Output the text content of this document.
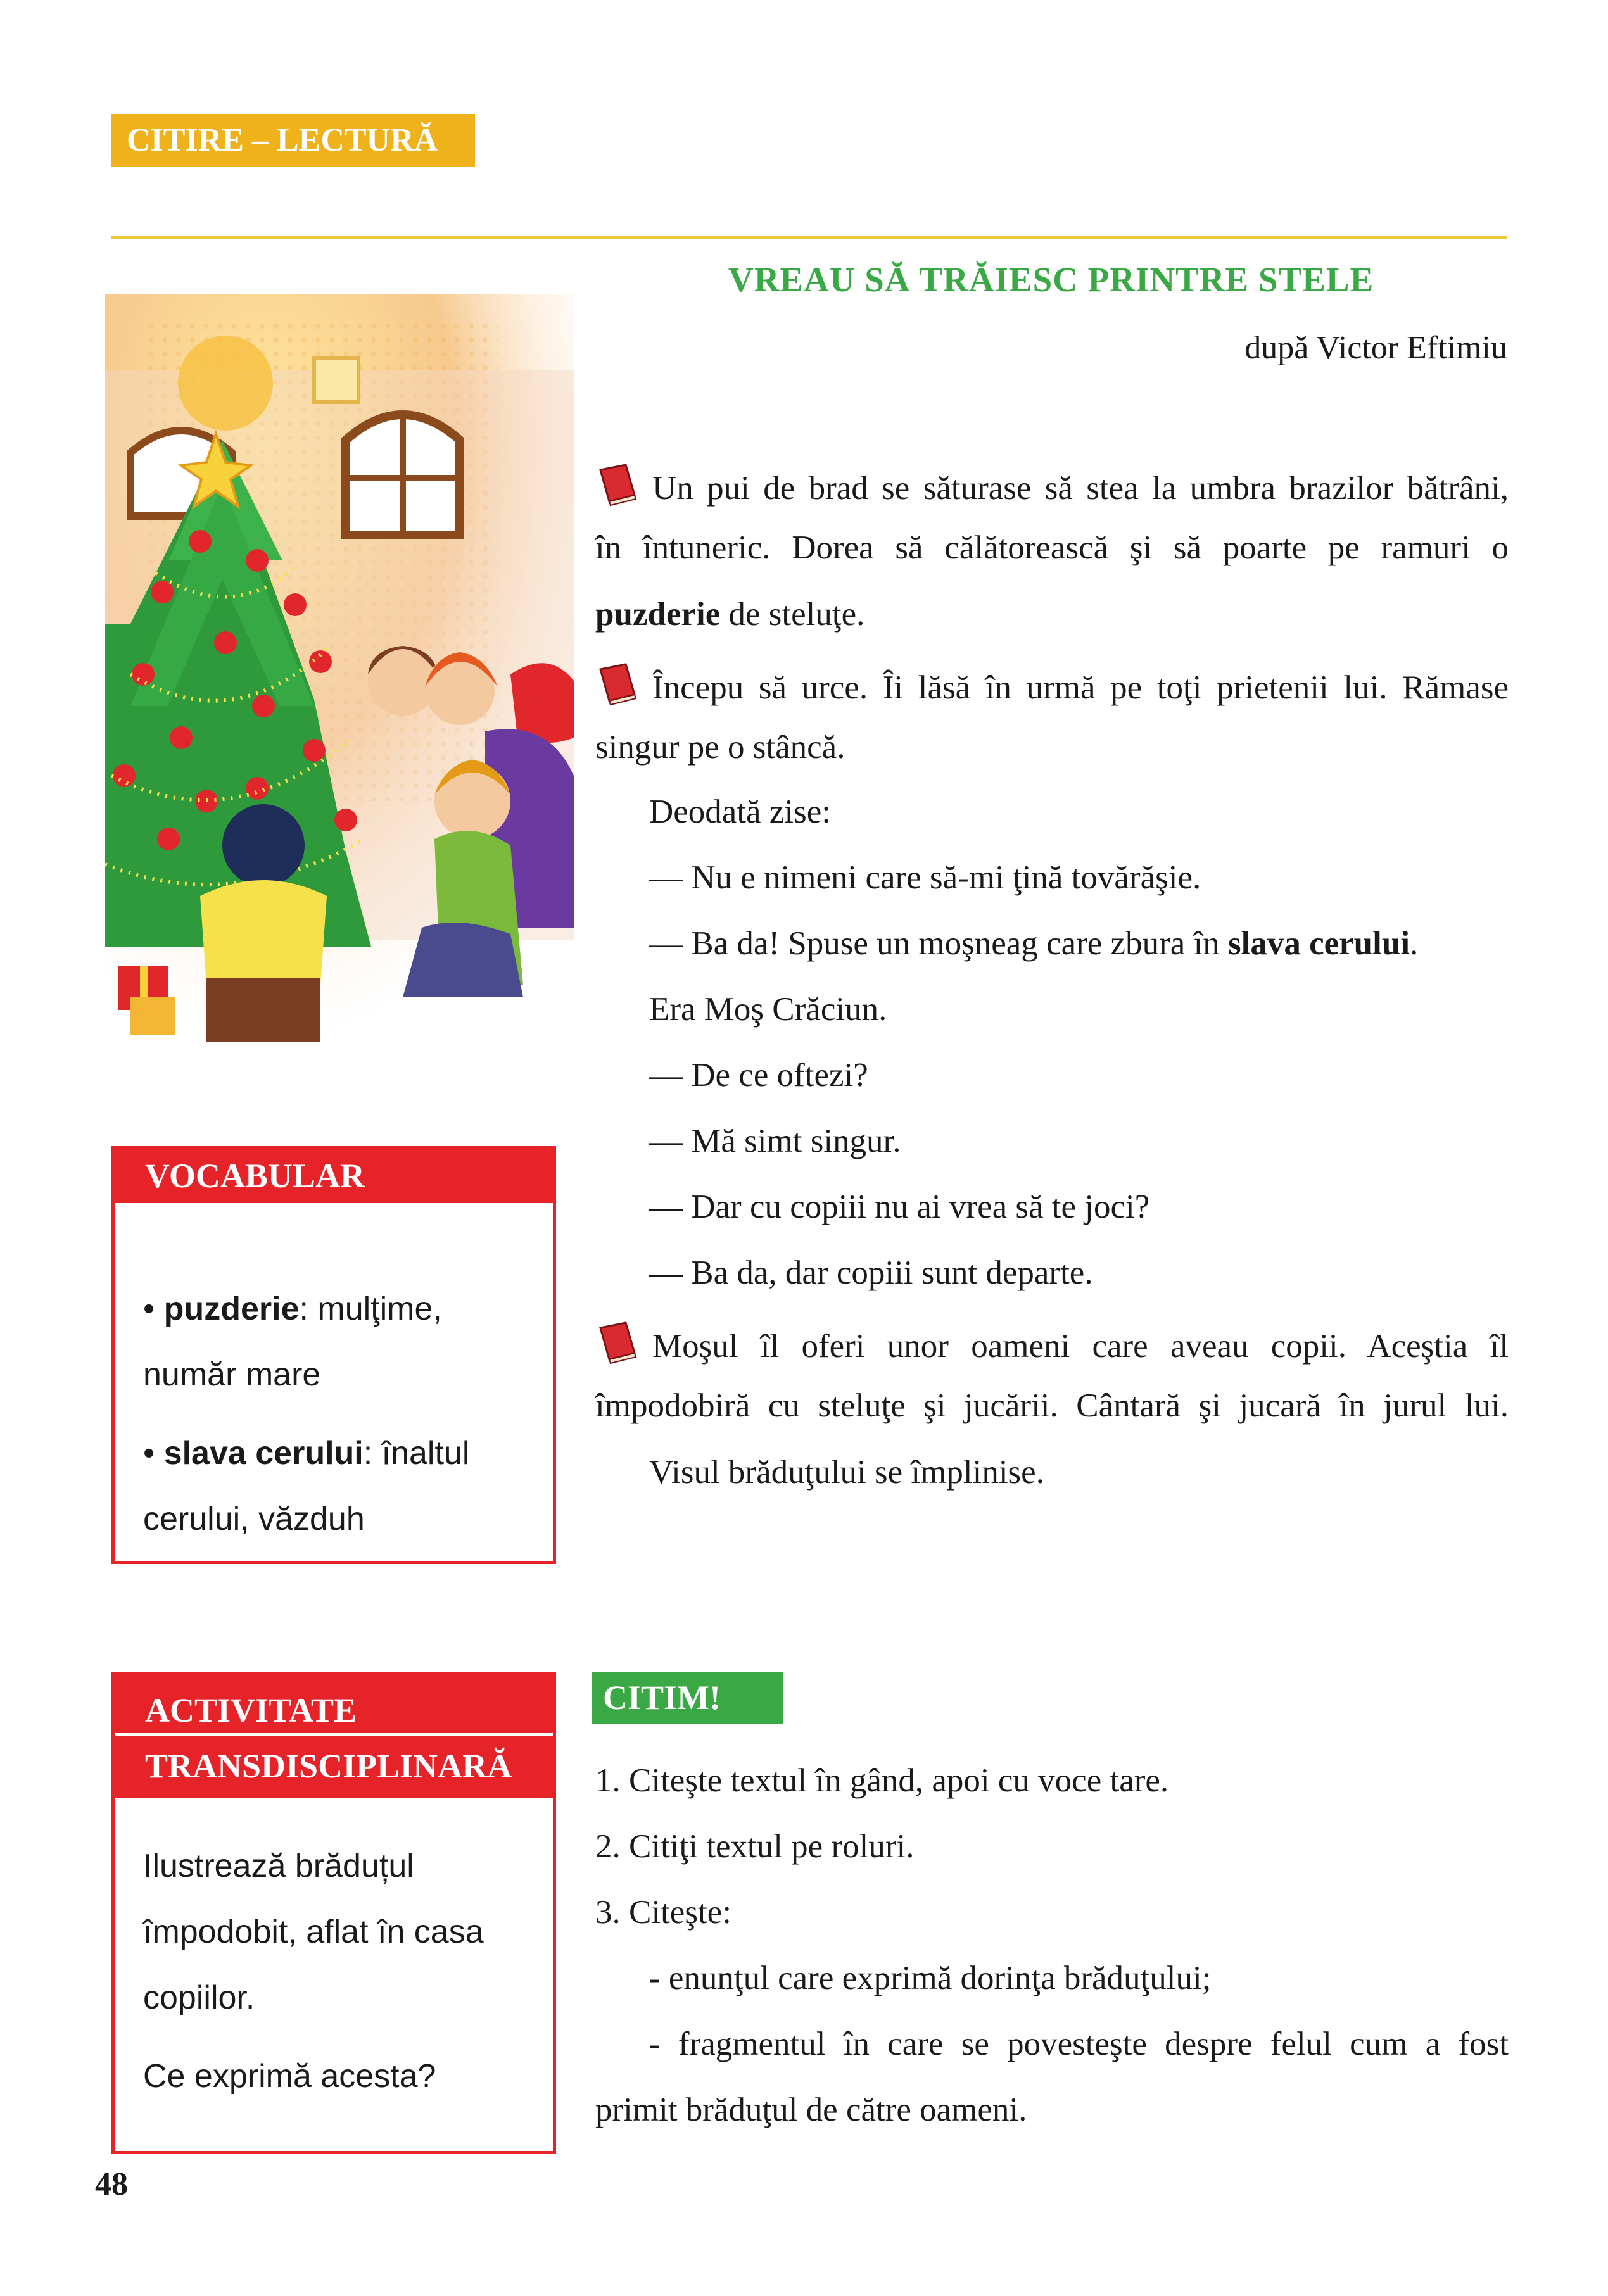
CITIRE – LECTURĂ
VREAU SĂ TRĂIESC PRINTRE STELE
după Victor Eftimiu
Un pui de brad se săturase să stea la umbra brazilor bătrâni,
în întuneric. Dorea să călătorească şi să poarte pe ramuri o
puzderie de steluţe.
Începu să urce. Îi lăsă în urmă pe toţi prietenii lui. Rămase
singur pe o stâncă.
Deodată zise:
— Nu e nimeni care să-mi ţină tovărăşie.
— Ba da! Spuse un moşneag care zbura în slava cerului.
Era Moş Crăciun.
— De ce oftezi?
— Mă simt singur.
— Dar cu copiii nu ai vrea să te joci?
— Ba da, dar copiii sunt departe.
Moşul îl oferi unor oameni care aveau copii. Aceştia îl
împodobiră cu steluţe şi jucării. Cântară şi jucară în jurul lui.
Visul brăduţului se împlinise.
VOCABULAR
• puzderie: mulţime,
număr mare
• slava cerului: înaltul
cerului, văzduh
ACTIVITATE
TRANSDISCIPLINARĂ
Ilustrează brăduțul
împodobit, aflat în casa
copiilor.
Ce exprimă acesta?
CITIM!
1. Citeşte textul în gând, apoi cu voce tare.
2. Citiţi textul pe roluri.
3. Citeşte:
- enunţul care exprimă dorinţa brăduţului;
- fragmentul în care se povesteşte despre felul cum a fost
primit brăduţul de către oameni.
48
